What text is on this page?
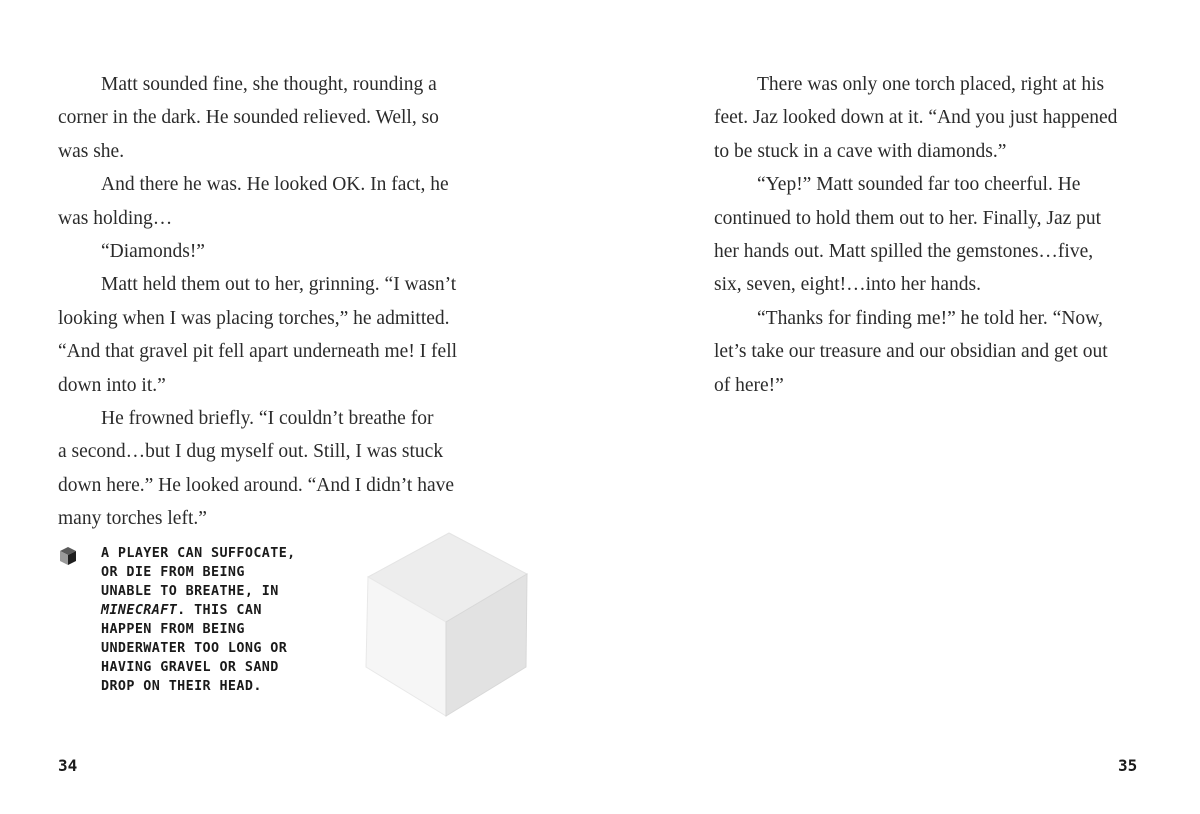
Matt sounded fine, she thought, rounding a
corner in the dark. He sounded relieved. Well, so
was she.
And there he was. He looked OK. In fact, he
was holding…
“Diamonds!”
Matt held them out to her, grinning. “I wasn’t
looking when I was placing torches,” he admitted.
“And that gravel pit fell apart underneath me! I fell
down into it.”
He frowned briefly. “I couldn’t breathe for
a second…but I dug myself out. Still, I was stuck
down here.” He looked around. “And I didn’t have
many torches left.”
A PLAYER CAN SUFFOCATE,
OR DIE FROM BEING
UNABLE TO BREATHE, IN
MINECRAFT. THIS CAN
HAPPEN FROM BEING
UNDERWATER TOO LONG OR
HAVING GRAVEL OR SAND
DROP ON THEIR HEAD.
34
There was only one torch placed, right at his
feet. Jaz looked down at it. “And you just happened
to be stuck in a cave with diamonds.”
“Yep!” Matt sounded far too cheerful. He
continued to hold them out to her. Finally, Jaz put
her hands out. Matt spilled the gemstones…five,
six, seven, eight!…into her hands.
“Thanks for finding me!” he told her. “Now,
let’s take our treasure and our obsidian and get out
of here!”
35
